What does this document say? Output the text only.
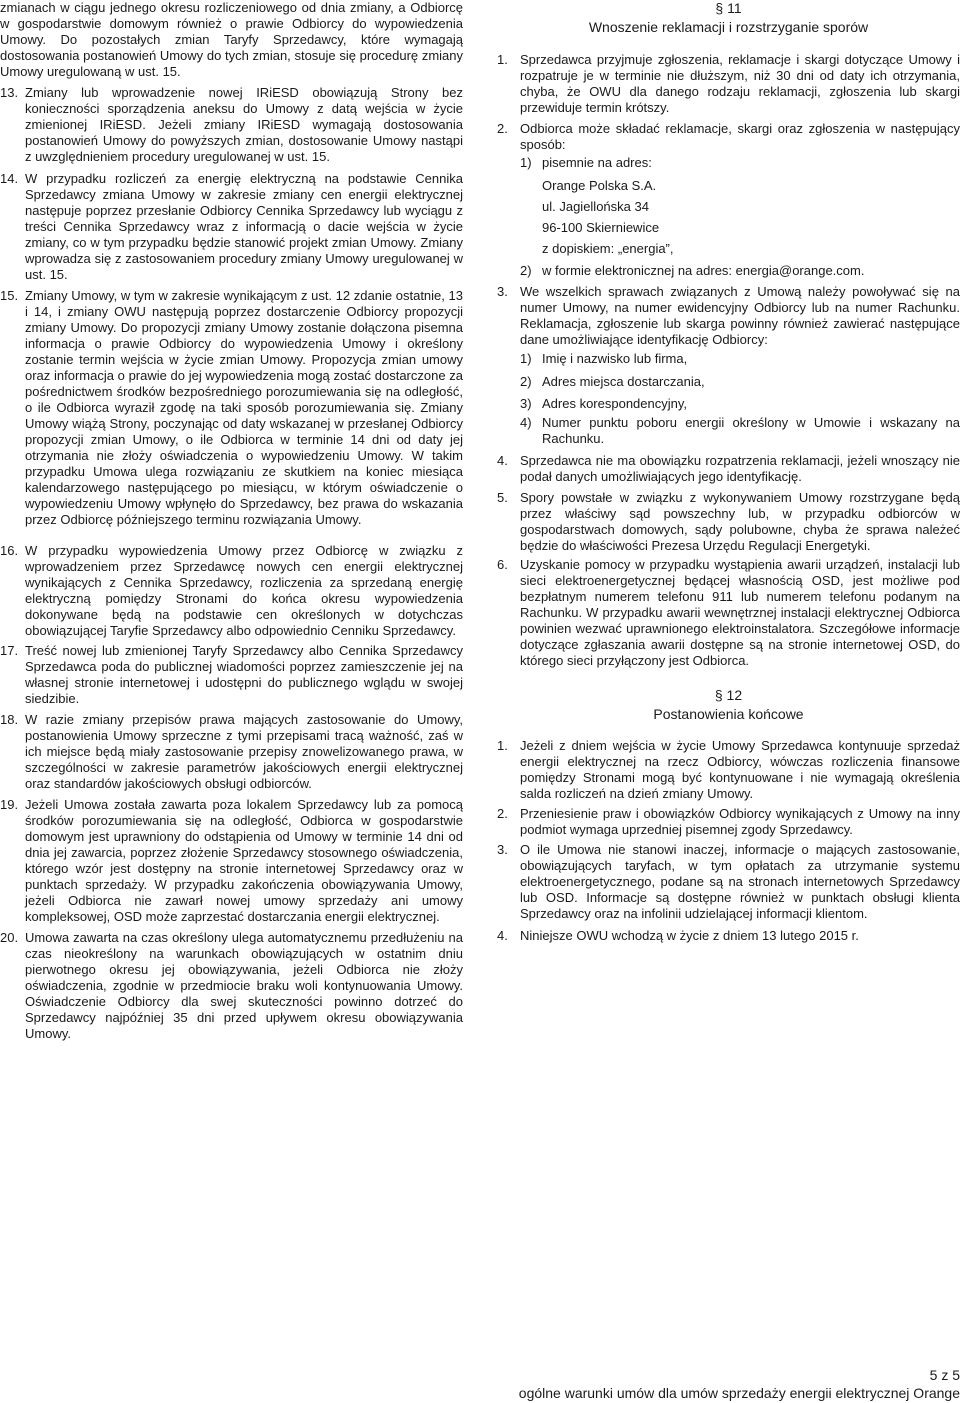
zmianach w ciągu jednego okresu rozliczeniowego od dnia zmiany, a Odbiorcę w gospodarstwie domowym również o prawie Odbiorcy do wypowiedzenia Umowy. Do pozostałych zmian Taryfy Sprzedawcy, które wymagają dostosowania postanowień Umowy do tych zmian, stosuje się procedurę zmiany Umowy uregulowaną w ust. 15.

13. Zmiany lub wprowadzenie nowej IRiESD obowiązują Strony bez konieczności sporządzenia aneksu do Umowy z datą wejścia w życie zmienionej IRiESD. Jeżeli zmiany IRiESD wymagają dostosowania postanowień Umowy do powyższych zmian, dostosowanie Umowy nastąpi z uwzględnieniem procedury uregulowanej w ust. 15.
14. W przypadku rozliczeń za energię elektryczną na podstawie Cennika Sprzedawcy zmiana Umowy w zakresie zmiany cen energii elektrycznej następuje poprzez przesłanie Odbiorcy Cennika Sprzedawcy lub wyciągu z treści Cennika Sprzedawcy wraz z informacją o dacie wejścia w życie zmiany, co w tym przypadku będzie stanowić projekt zmian Umowy. Zmiany wprowadza się z zastosowaniem procedury zmiany Umowy uregulowanej w ust. 15.
15. Zmiany Umowy, w tym w zakresie wynikającym z ust. 12 zdanie ostatnie, 13 i 14, i zmiany OWU następują poprzez dostarczenie Odbiorcy propozycji zmiany Umowy. Do propozycji zmiany Umowy zostanie dołączona pisemna informacja o prawie Odbiorcy do wypowiedzenia Umowy i określony zostanie termin wejścia w życie zmian Umowy. Propozycja zmian umowy oraz informacja o prawie do jej wypowiedzenia mogą zostać dostarczone za pośrednictwem środków bezpośredniego porozumiewania się na odległość, o ile Odbiorca wyraził zgodę na taki sposób porozumiewania się. Zmiany Umowy wiążą Strony, poczynając od daty wskazanej w przesłanej Odbiorcy propozycji zmian Umowy, o ile Odbiorca w terminie 14 dni od daty jej otrzymania nie złoży oświadczenia o wypowiedzeniu Umowy. W takim przypadku Umowa ulega rozwiązaniu ze skutkiem na koniec miesiąca kalendarzowego następującego po miesiącu, w którym oświadczenie o wypowiedzeniu Umowy wpłynęło do Sprzedawcy, bez prawa do wskazania przez Odbiorcę późniejszego terminu rozwiązania Umowy.
16. W przypadku wypowiedzenia Umowy przez Odbiorcę w związku z wprowadzeniem przez Sprzedawcę nowych cen energii elektrycznej wynikających z Cennika Sprzedawcy, rozliczenia za sprzedaną energię elektryczną pomiędzy Stronami do końca okresu wypowiedzenia dokonywane będą na podstawie cen określonych w dotychczas obowiązującej Taryfie Sprzedawcy albo odpowiednio Cenniku Sprzedawcy.
17. Treść nowej lub zmienionej Taryfy Sprzedawcy albo Cennika Sprzedawcy Sprzedawca poda do publicznej wiadomości poprzez zamieszczenie jej na własnej stronie internetowej i udostępni do publicznego wglądu w swojej siedzibie.
18. W razie zmiany przepisów prawa mających zastosowanie do Umowy, postanowienia Umowy sprzeczne z tymi przepisami tracą ważność, zaś w ich miejsce będą miały zastosowanie przepisy znowelizowanego prawa, w szczególności w zakresie parametrów jakościowych energii elektrycznej oraz standardów jakościowych obsługi odbiorców.
19. Jeżeli Umowa została zawarta poza lokalem Sprzedawcy lub za pomocą środków porozumiewania się na odległość, Odbiorca w gospodarstwie domowym jest uprawniony do odstąpienia od Umowy w terminie 14 dni od dnia jej zawarcia, poprzez złożenie Sprzedawcy stosownego oświadczenia, którego wzór jest dostępny na stronie internetowej Sprzedawcy oraz w punktach sprzedaży. W przypadku zakończenia obowiązywania Umowy, jeżeli Odbiorca nie zawarł nowej umowy sprzedaży ani umowy kompleksowej, OSD może zaprzestać dostarczania energii elektrycznej.
20. Umowa zawarta na czas określony ulega automatycznemu przedłużeniu na czas nieokreślony na warunkach obowiązujących w ostatnim dniu pierwotnego okresu jej obowiązywania, jeżeli Odbiorca nie złoży oświadczenia, zgodnie w przedmiocie braku woli kontynuowania Umowy. Oświadczenie Odbiorcy dla swej skuteczności powinno dotrzeć do Sprzedawcy najpóźniej 35 dni przed upływem okresu obowiązywania Umowy.

§ 11

Wnoszenie reklamacji i rozstrzyganie sporów

1. Sprzedawca przyjmuje zgłoszenia, reklamacje i skargi dotyczące Umowy i rozpatruje je w terminie nie dłuższym, niż 30 dni od daty ich otrzymania, chyba, że OWU dla danego rodzaju reklamacji, zgłoszenia lub skargi przewiduje termin krótszy.
2. Odbiorca może składać reklamacje, skargi oraz zgłoszenia w następujący sposób:
1) pisemnie na adres:
Orange Polska S.A.
ul. Jagiellońska 34
96-100 Skierniewice
z dopiskiem: „energia”,
2) w formie elektronicznej na adres: energia@orange.com.
3. We wszelkich sprawach związanych z Umową należy powoływać się na numer Umowy, na numer ewidencyjny Odbiorcy lub na numer Rachunku. Reklamacja, zgłoszenie lub skarga powinny również zawierać następujące dane umożliwiające identyfikację Odbiorcy:
1) Imię i nazwisko lub firma,
2) Adres miejsca dostarczania,
3) Adres korespondencyjny,
4) Numer punktu poboru energii określony w Umowie i wskazany na Rachunku.
4. Sprzedawca nie ma obowiązku rozpatrzenia reklamacji, jeżeli wnoszący nie podał danych umożliwiających jego identyfikację.
5. Spory powstałe w związku z wykonywaniem Umowy rozstrzygane będą przez właściwy sąd powszechny lub, w przypadku odbiorców w gospodarstwach domowych, sądy polubowne, chyba że sprawa należeć będzie do właściwości Prezesa Urzędu Regulacji Energetyki.
6. Uzyskanie pomocy w przypadku wystąpienia awarii urządzeń, instalacji lub sieci elektroenergetycznej będącej własnością OSD, jest możliwe pod bezpłatnym numerem telefonu 911 lub numerem telefonu podanym na Rachunku. W przypadku awarii wewnętrznej instalacji elektrycznej Odbiorca powinien wezwać uprawnionego elektroinstalatora. Szczegółowe informacje dotyczące zgłaszania awarii dostępne są na stronie internetowej OSD, do którego sieci przyłączony jest Odbiorca.

§ 12

Postanowienia końcowe

1. Jeżeli z dniem wejścia w życie Umowy Sprzedawca kontynuuje sprzedaż energii elektrycznej na rzecz Odbiorcy, wówczas rozliczenia finansowe pomiędzy Stronami mogą być kontynuowane i nie wymagają określenia salda rozliczeń na dzień zmiany Umowy.
2. Przeniesienie praw i obowiązków Odbiorcy wynikających z Umowy na inny podmiot wymaga uprzedniej pisemnej zgody Sprzedawcy.
3. O ile Umowa nie stanowi inaczej, informacje o mających zastosowanie, obowiązujących taryfach, w tym opłatach za utrzymanie systemu elektroenergetycznego, podane są na stronach internetowych Sprzedawcy lub OSD. Informacje są dostępne również w punktach obsługi klienta Sprzedawcy oraz na infolinii udzielającej informacji klientom.
4. Niniejsze OWU wchodzą w życie z dniem 13 lutego 2015 r.
5 z 5
ogólne warunki umów dla umów sprzedaży energii elektrycznej Orange
